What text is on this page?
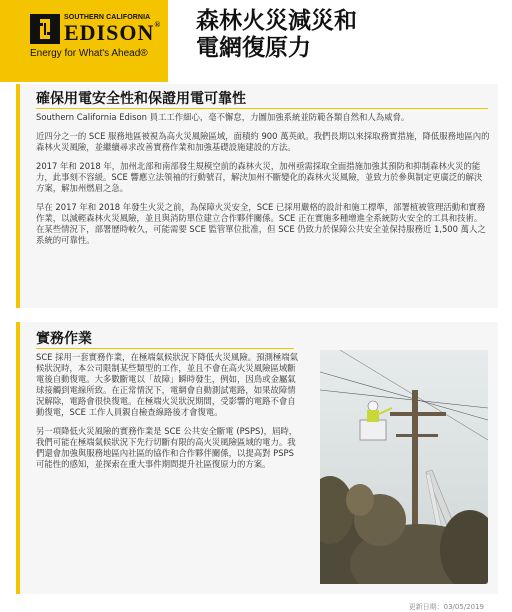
SOUTHERN CALIFORNIA
EDISON®
Energy for What's Ahead®
森林火災減災和
電網復原力
確保用電安全性和保證用電可靠性

Southern California Edison 員工工作細心，毫不懈怠，力圖加強系統並防範各類自然和人為威脅。

近四分之一的 SCE 服務地區被視為高火災風險區域，面積約 900 萬英畝。我們長期以來採取務實措施，降低服務地區內的森林火災風險，並繼續尋求改善實務作業和加強基礎設施建設的方法。

2017 年和 2018 年，加州北部和南部發生規模空前的森林火災，加州亟需採取全面措施加強其預防和抑制森林火災的能力，此事刻不容緩。SCE 響應立法領袖的行動號召，解決加州不斷變化的森林火災風險，並致力於參與制定更廣泛的解決方案，解加州燃眉之急。

早在 2017 年和 2018 年發生火災之前，為保障火災安全，SCE 已採用嚴格的設計和施工標準，部署植被管理活動和實務作業，以減輕森林火災風險，並且與消防單位建立合作夥伴關係。SCE 正在實施多種增進全系統防火安全的工具和技術。在某些情況下，部署歷時較久，可能需要 SCE 監管單位批准，但 SCE 仍致力於保障公共安全並保持服務近 1,500 萬人之系統的可靠性。

實務作業

SCE 採用一套實務作業，在極端氣候狀況下降低火災風險。預測極端氣候狀況時，本公司限制某些類型的工作，並且不會在高火災風險區域斷電後自動復電。大多數斷電以「故障」瞬時發生，例如，因鳥或金屬氣球接觸到電線所致。在正常情況下，電網會自動測試電路，如果故障情況解除，電路會很快復電。在極端火災狀況期間，受影響的電路不會自動復電，SCE 工作人員親自檢查線路後才會復電。

另一項降低火災風險的實務作業是 SCE 公共安全斷電 (PSPS)，屆時，我們可能在極端氣候狀況下先行切斷有限的高火災風險區域的電力。我們還會加強與服務地區內社區的協作和合作夥伴關係，以提高對 PSPS 可能性的感知，並探索在重大事件期間提升社區復原力的方案。

更新日期：03/05/2019
